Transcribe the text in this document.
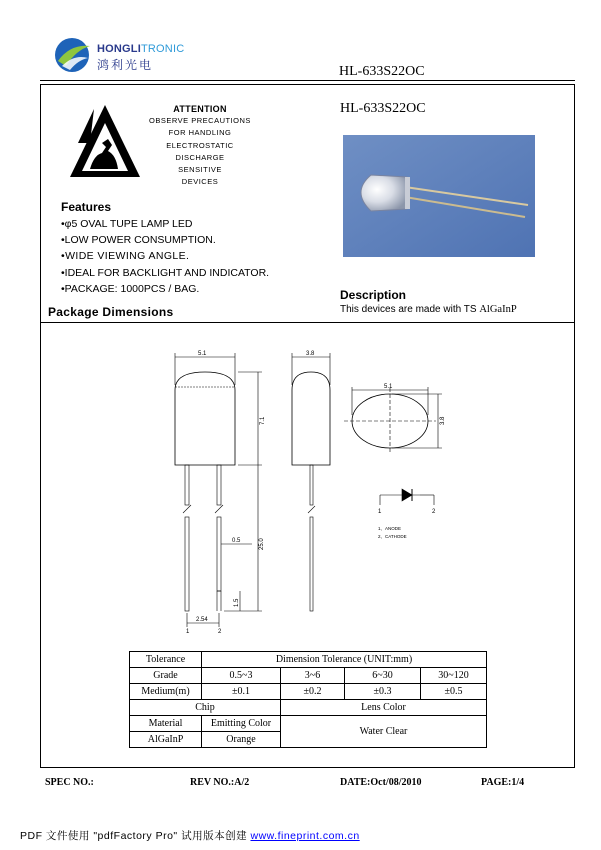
HONGLITRONIC
鸿利光电	HL-633S22OC
ATTENTION
OBSERVE PRECAUTIONS
FOR HANDLING
ELECTROSTATIC
DISCHARGE
SENSITIVE
DEVICES
Features
•φ5 OVAL TUPE LAMP LED
•LOW POWER CONSUMPTION.
•WIDE VIEWING ANGLE.
•IDEAL FOR BACKLIGHT AND INDICATOR.
•PACKAGE: 1000PCS / BAG.
HL-633S22OC
Description
This devices are made with TS AlGaInP
Package Dimensions
5.1
7.1
25.0
0.5
1.5
2.54
1	2
3.8
5.1
3.8
1	2
1、ANODE
2、CATHODE
Tolerance	Dimension Tolerance (UNIT:mm)			
Grade	0.5~3	3~6	6~30	30~120
Medium(m)	±0.1	±0.2	±0.3	±0.5
Chip		Lens Color		
Material	Emitting Color	Water Clear		
AlGaInP	Orange			
SPEC NO.:	REV NO.:A/2	DATE:Oct/08/2010	PAGE:1/4
PDF 文件使用 "pdfFactory Pro" 试用版本创建 www.fineprint.com.cn
